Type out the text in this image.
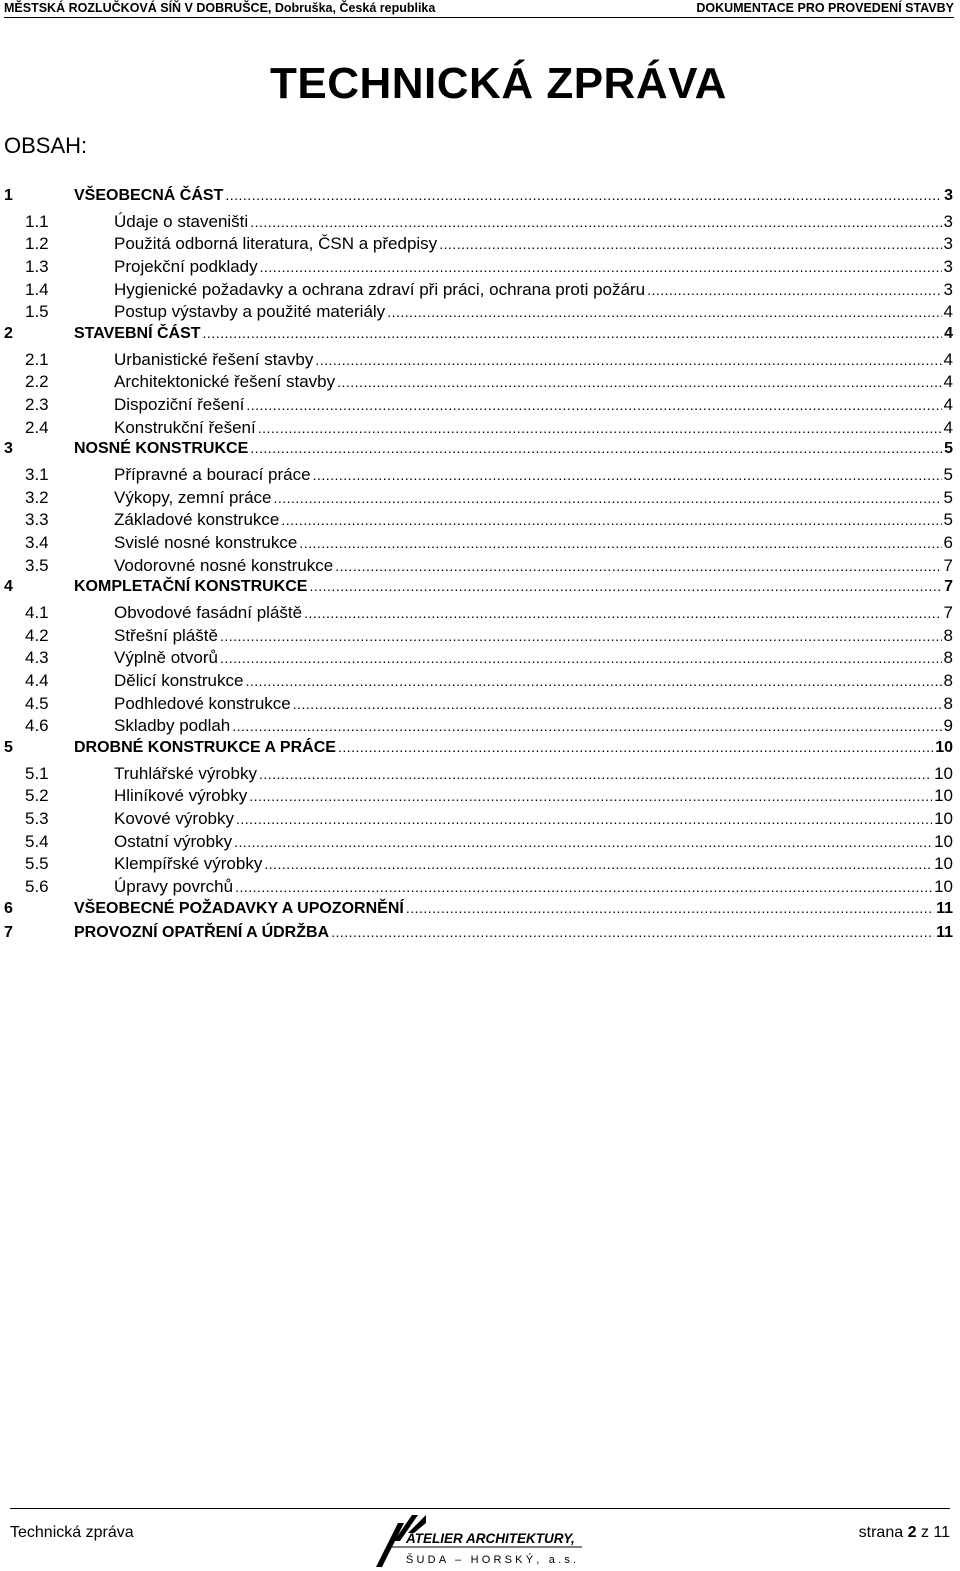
MĚSTSKÁ ROZLUČKOVÁ SÍŇ V DOBRUŠCE, Dobruška, Česká republika	DOKUMENTACE PRO PROVEDENÍ STAVBY
TECHNICKÁ ZPRÁVA
OBSAH:
1	VŠEOBECNÁ ČÁST .....	3
1.1	Údaje o staveništi .....	3
1.2	Použitá odborná literatura, ČSN a předpisy .....	3
1.3	Projekční podklady .....	3
1.4	Hygienické požadavky a ochrana zdraví při práci, ochrana proti požáru .....	3
1.5	Postup výstavby a použité materiály .....	4
2	STAVEBNÍ ČÁST .....	4
2.1	Urbanistické řešení stavby .....	4
2.2	Architektonické řešení stavby .....	4
2.3	Dispoziční řešení .....	4
2.4	Konstrukční řešení .....	4
3	NOSNÉ KONSTRUKCE .....	5
3.1	Přípravné a bourací práce .....	5
3.2	Výkopy, zemní práce .....	5
3.3	Základové konstrukce .....	5
3.4	Svislé nosné konstrukce .....	6
3.5	Vodorovné nosné konstrukce .....	7
4	KOMPLETAČNÍ KONSTRUKCE .....	7
4.1	Obvodové fasádní pláště .....	7
4.2	Střešní pláště .....	8
4.3	Výplně otvorů .....	8
4.4	Dělicí konstrukce .....	8
4.5	Podhledové konstrukce .....	8
4.6	Skladby podlah .....	9
5	DROBNÉ KONSTRUKCE A PRÁCE .....	10
5.1	Truhlářské výrobky .....	10
5.2	Hliníkové výrobky .....	10
5.3	Kovové výrobky .....	10
5.4	Ostatní výrobky .....	10
5.5	Klempířské výrobky .....	10
5.6	Úpravy povrchů .....	10
6	VŠEOBECNÉ POŽADAVKY A UPOZORNĚNÍ .....	11
7	PROVOZNÍ OPATŘENÍ A ÚDRŽBA .....	11
Technická zpráva	ATELIER ARCHITEKTURY,
ŠUDA – HORSKÝ, a.s.
strana 2 z 11
